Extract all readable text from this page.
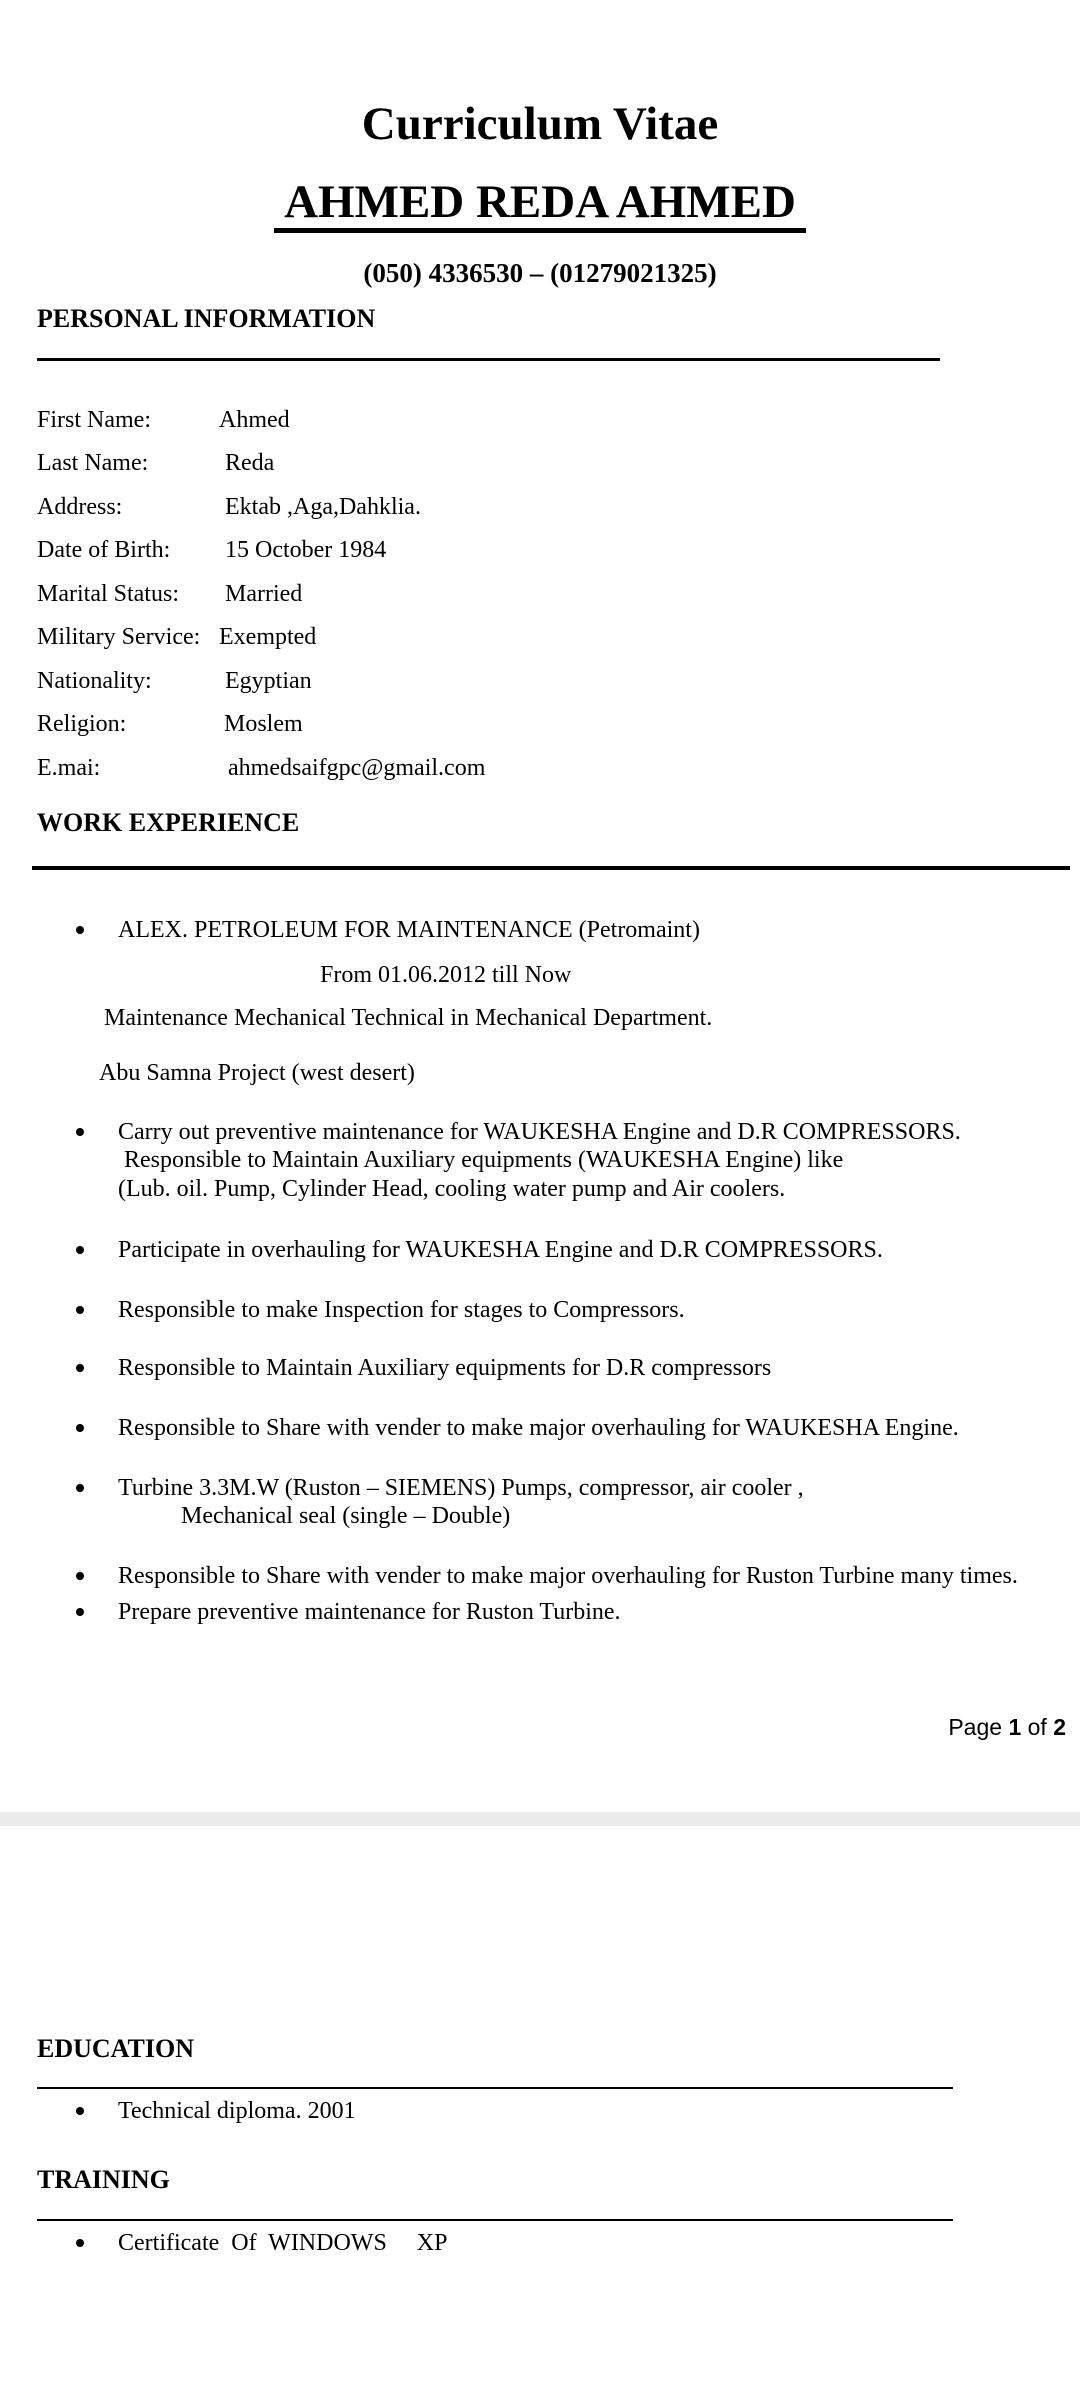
Curriculum Vitae
AHMED REDA AHMED
(050) 4336530 – (01279021325)
PERSONAL INFORMATION
First Name:	Ahmed
Last Name:	Reda
Address:	Ektab ,Aga,Dahklia.
Date of Birth: 15 October 1984
Marital Status: Married
Military Service: Exempted
Nationality:	Egyptian
Religion:	Moslem
E.mai:	ahmedsaifgpc@gmail.com
WORK EXPERIENCE
ALEX. PETROLEUM FOR MAINTENANCE (Petromaint)
From 01.06.2012 till Now
Maintenance Mechanical Technical in Mechanical Department.
Abu Samna Project (west desert)
Carry out preventive maintenance for WAUKESHA Engine and D.R COMPRESSORS.
Responsible to Maintain Auxiliary equipments (WAUKESHA Engine) like
(Lub. oil. Pump, Cylinder Head, cooling water pump and Air coolers.
Participate in overhauling for WAUKESHA Engine and D.R COMPRESSORS.
Responsible to make Inspection for stages to Compressors.
Responsible to Maintain Auxiliary equipments for D.R compressors
Responsible to Share with vender to make major overhauling for WAUKESHA Engine.
Turbine 3.3M.W (Ruston – SIEMENS) Pumps, compressor, air cooler ,
Mechanical seal (single – Double)
Responsible to Share with vender to make major overhauling for Ruston Turbine many times.
Prepare preventive maintenance for Ruston Turbine.
Page 1 of 2
EDUCATION
Technical diploma. 2001
TRAINING
Certificate  Of  WINDOWS     XP
